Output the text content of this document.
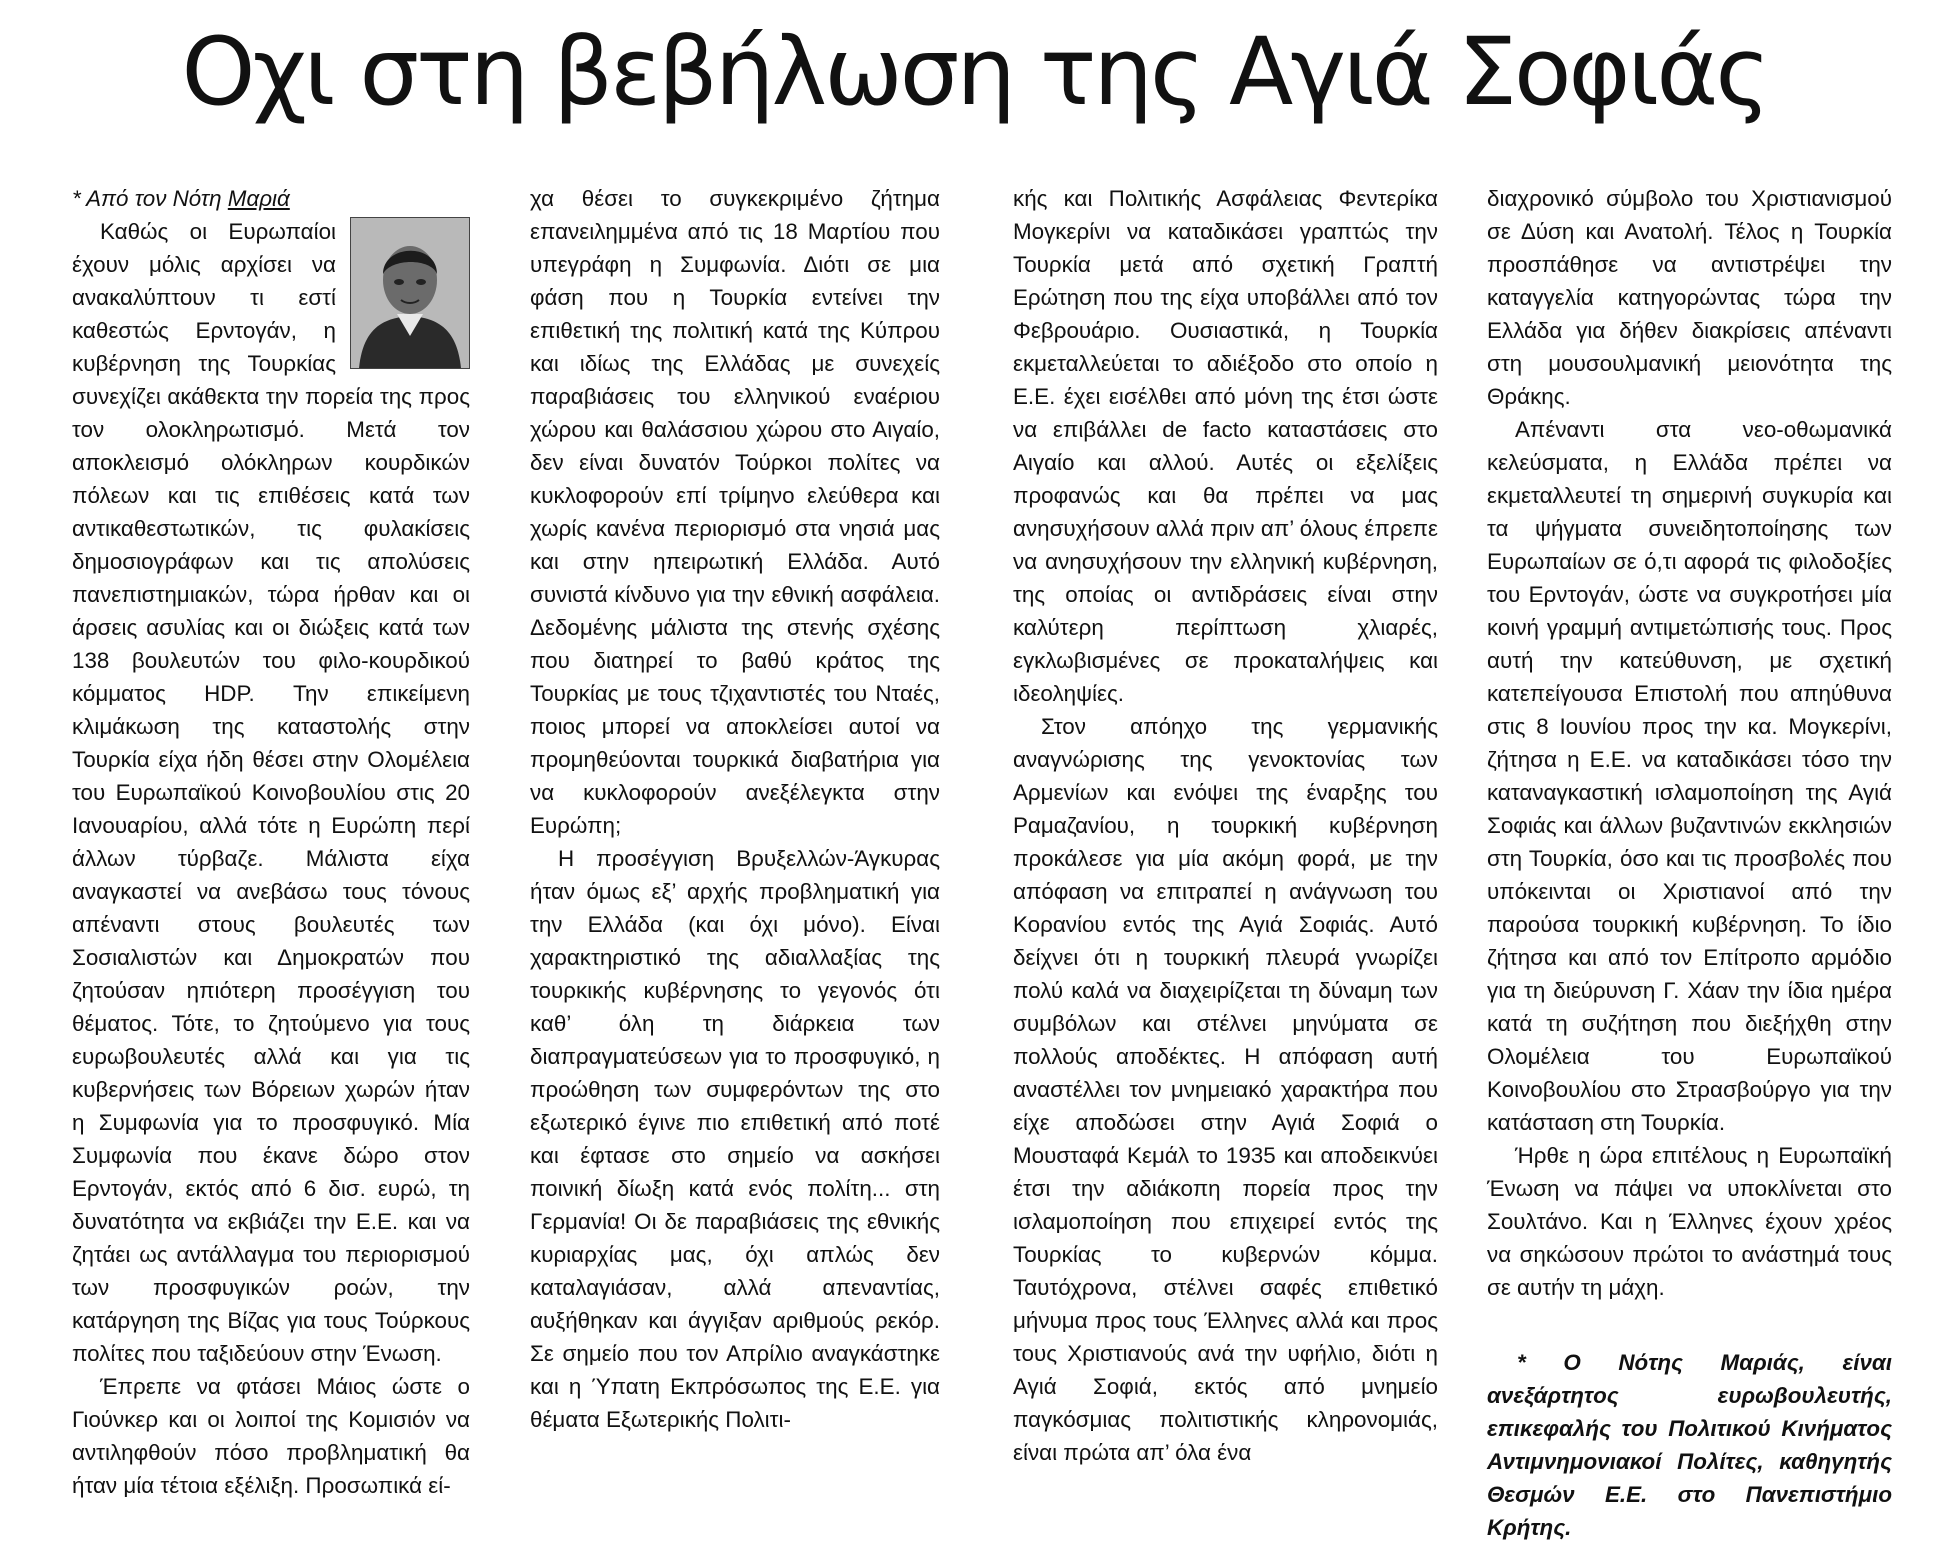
Οχι στη βεβήλωση της Αγιά Σοφιάς

* Από τον Νότη Μαριά

Καθώς οι Ευρωπαίοι έχουν μόλις αρχίσει να ανακαλύπτουν τι εστί καθεστώς Ερντογάν, η κυβέρνηση της Τουρκίας συνεχίζει ακάθεκτα την πορεία της προς τον ολοκληρωτισμό. Μετά τον αποκλεισμό ολόκληρων κουρδικών πόλεων και τις επιθέσεις κατά των αντικαθεστωτικών, τις φυλακίσεις δημοσιογράφων και τις απολύσεις πανεπιστημιακών, τώρα ήρθαν και οι άρσεις ασυλίας και οι διώξεις κατά των 138 βουλευτών του φιλο-κουρδικού κόμματος HDP. Την επικείμενη κλιμάκωση της καταστολής στην Τουρκία είχα ήδη θέσει στην Ολομέλεια του Ευρωπαϊκού Κοινοβουλίου στις 20 Ιανουαρίου, αλλά τότε η Ευρώπη περί άλλων τύρβαζε. Μάλιστα είχα αναγκαστεί να ανεβάσω τους τόνους απέναντι στους βουλευτές των Σοσιαλιστών και Δημοκρατών που ζητούσαν ηπιότερη προσέγγιση του θέματος. Τότε, το ζητούμενο για τους ευρωβουλευτές αλλά και για τις κυβερνήσεις των Βόρειων χωρών ήταν η Συμφωνία για το προσφυγικό. Μία Συμφωνία που έκανε δώρο στον Ερντογάν, εκτός από 6 δισ. ευρώ, τη δυνατότητα να εκβιάζει την Ε.Ε. και να ζητάει ως αντάλλαγμα του περιορισμού των προσφυγικών ροών, την κατάργηση της Βίζας για τους Τούρκους πολίτες που ταξιδεύουν στην Ένωση.

Έπρεπε να φτάσει Μάιος ώστε ο Γιούνκερ και οι λοιποί της Κομισιόν να αντιληφθούν πόσο προβληματική θα ήταν μία τέτοια εξέλιξη. Προσωπικά εί-

χα θέσει το συγκεκριμένο ζήτημα επανειλημμένα από τις 18 Μαρτίου που υπεγράφη η Συμφωνία. Διότι σε μια φάση που η Τουρκία εντείνει την επιθετική της πολιτική κατά της Κύπρου και ιδίως της Ελλάδας με συνεχείς παραβιάσεις του ελληνικού εναέριου χώρου και θαλάσσιου χώρου στο Αιγαίο, δεν είναι δυνατόν Τούρκοι πολίτες να κυκλοφορούν επί τρίμηνο ελεύθερα και χωρίς κανένα περιορισμό στα νησιά μας και στην ηπειρωτική Ελλάδα. Αυτό συνιστά κίνδυνο για την εθνική ασφάλεια. Δεδομένης μάλιστα της στενής σχέσης που διατηρεί το βαθύ κράτος της Τουρκίας με τους τζιχαντιστές του Νταές, ποιος μπορεί να αποκλείσει αυτοί να προμηθεύονται τουρκικά διαβατήρια για να κυκλοφορούν ανεξέλεγκτα στην Ευρώπη;

Η προσέγγιση Βρυξελλών-Άγκυρας ήταν όμως εξ’ αρχής προβληματική για την Ελλάδα (και όχι μόνο). Είναι χαρακτηριστικό της αδιαλλαξίας της τουρκικής κυβέρνησης το γεγονός ότι καθ’ όλη τη διάρκεια των διαπραγματεύσεων για το προσφυγικό, η προώθηση των συμφερόντων της στο εξωτερικό έγινε πιο επιθετική από ποτέ και έφτασε στο σημείο να ασκήσει ποινική δίωξη κατά ενός πολίτη... στη Γερμανία! Οι δε παραβιάσεις της εθνικής κυριαρχίας μας, όχι απλώς δεν καταλαγιάσαν, αλλά απεναντίας, αυξήθηκαν και άγγιξαν αριθμούς ρεκόρ. Σε σημείο που τον Απρίλιο αναγκάστηκε και η Ύπατη Εκπρόσωπος της Ε.Ε. για θέματα Εξωτερικής Πολιτι-

κής και Πολιτικής Ασφάλειας Φεντερίκα Μογκερίνι να καταδικάσει γραπτώς την Τουρκία μετά από σχετική Γραπτή Ερώτηση που της είχα υποβάλλει από τον Φεβρουάριο. Ουσιαστικά, η Τουρκία εκμεταλλεύεται το αδιέξοδο στο οποίο η Ε.Ε. έχει εισέλθει από μόνη της έτσι ώστε να επιβάλλει de facto καταστάσεις στο Αιγαίο και αλλού. Αυτές οι εξελίξεις προφανώς και θα πρέπει να μας ανησυχήσουν αλλά πριν απ’ όλους έπρεπε να ανησυχήσουν την ελληνική κυβέρνηση, της οποίας οι αντιδράσεις είναι στην καλύτερη περίπτωση χλιαρές, εγκλωβισμένες σε προκαταλήψεις και ιδεοληψίες.

Στον απόηχο της γερμανικής αναγνώρισης της γενοκτονίας των Αρμενίων και ενόψει της έναρξης του Ραμαζανίου, η τουρκική κυβέρνηση προκάλεσε για μία ακόμη φορά, με την απόφαση να επιτραπεί η ανάγνωση του Κορανίου εντός της Αγιά Σοφιάς. Αυτό δείχνει ότι η τουρκική πλευρά γνωρίζει πολύ καλά να διαχειρίζεται τη δύναμη των συμβόλων και στέλνει μηνύματα σε πολλούς αποδέκτες. Η απόφαση αυτή αναστέλλει τον μνημειακό χαρακτήρα που είχε αποδώσει στην Αγιά Σοφιά ο Μουσταφά Κεμάλ το 1935 και αποδεικνύει έτσι την αδιάκοπη πορεία προς την ισλαμοποίηση που επιχειρεί εντός της Τουρκίας το κυβερνών κόμμα. Ταυτόχρονα, στέλνει σαφές επιθετικό μήνυμα προς τους Έλληνες αλλά και προς τους Χριστιανούς ανά την υφήλιο, διότι η Αγιά Σοφιά, εκτός από μνημείο παγκόσμιας πολιτιστικής κληρονομιάς, είναι πρώτα απ’ όλα ένα

διαχρονικό σύμβολο του Χριστιανισμού σε Δύση και Ανατολή. Τέλος η Τουρκία προσπάθησε να αντιστρέψει την καταγγελία κατηγορώντας τώρα την Ελλάδα για δήθεν διακρίσεις απέναντι στη μουσουλμανική μειονότητα της Θράκης.

Απέναντι στα νεο-οθωμανικά κελεύσματα, η Ελλάδα πρέπει να εκμεταλλευτεί τη σημερινή συγκυρία και τα ψήγματα συνειδητοποίησης των Ευρωπαίων σε ό,τι αφορά τις φιλοδοξίες του Ερντογάν, ώστε να συγκροτήσει μία κοινή γραμμή αντιμετώπισής τους. Προς αυτή την κατεύθυνση, με σχετική κατεπείγουσα Επιστολή που απηύθυνα στις 8 Ιουνίου προς την κα. Μογκερίνι, ζήτησα η Ε.Ε. να καταδικάσει τόσο την καταναγκαστική ισλαμοποίηση της Αγιά Σοφιάς και άλλων βυζαντινών εκκλησιών στη Τουρκία, όσο και τις προσβολές που υπόκεινται οι Χριστιανοί από την παρούσα τουρκική κυβέρνηση. Το ίδιο ζήτησα και από τον Επίτροπο αρμόδιο για τη διεύρυνση Γ. Χάαν την ίδια ημέρα κατά τη συζήτηση που διεξήχθη στην Ολομέλεια του Ευρωπαϊκού Κοινοβουλίου στο Στρασβούργο για την κατάσταση στη Τουρκία.

Ήρθε η ώρα επιτέλους η Ευρωπαϊκή Ένωση να πάψει να υποκλίνεται στο Σουλτάνο. Και η Έλληνες έχουν χρέος να σηκώσουν πρώτοι το ανάστημά τους σε αυτήν τη μάχη.

* Ο Νότης Μαριάς, είναι ανεξάρτητος ευρωβουλευτής, επικεφαλής του Πολιτικού Κινήματος Αντιμνημονιακοί Πολίτες, καθηγητής Θεσμών Ε.Ε. στο Πανεπιστήμιο Κρήτης.
